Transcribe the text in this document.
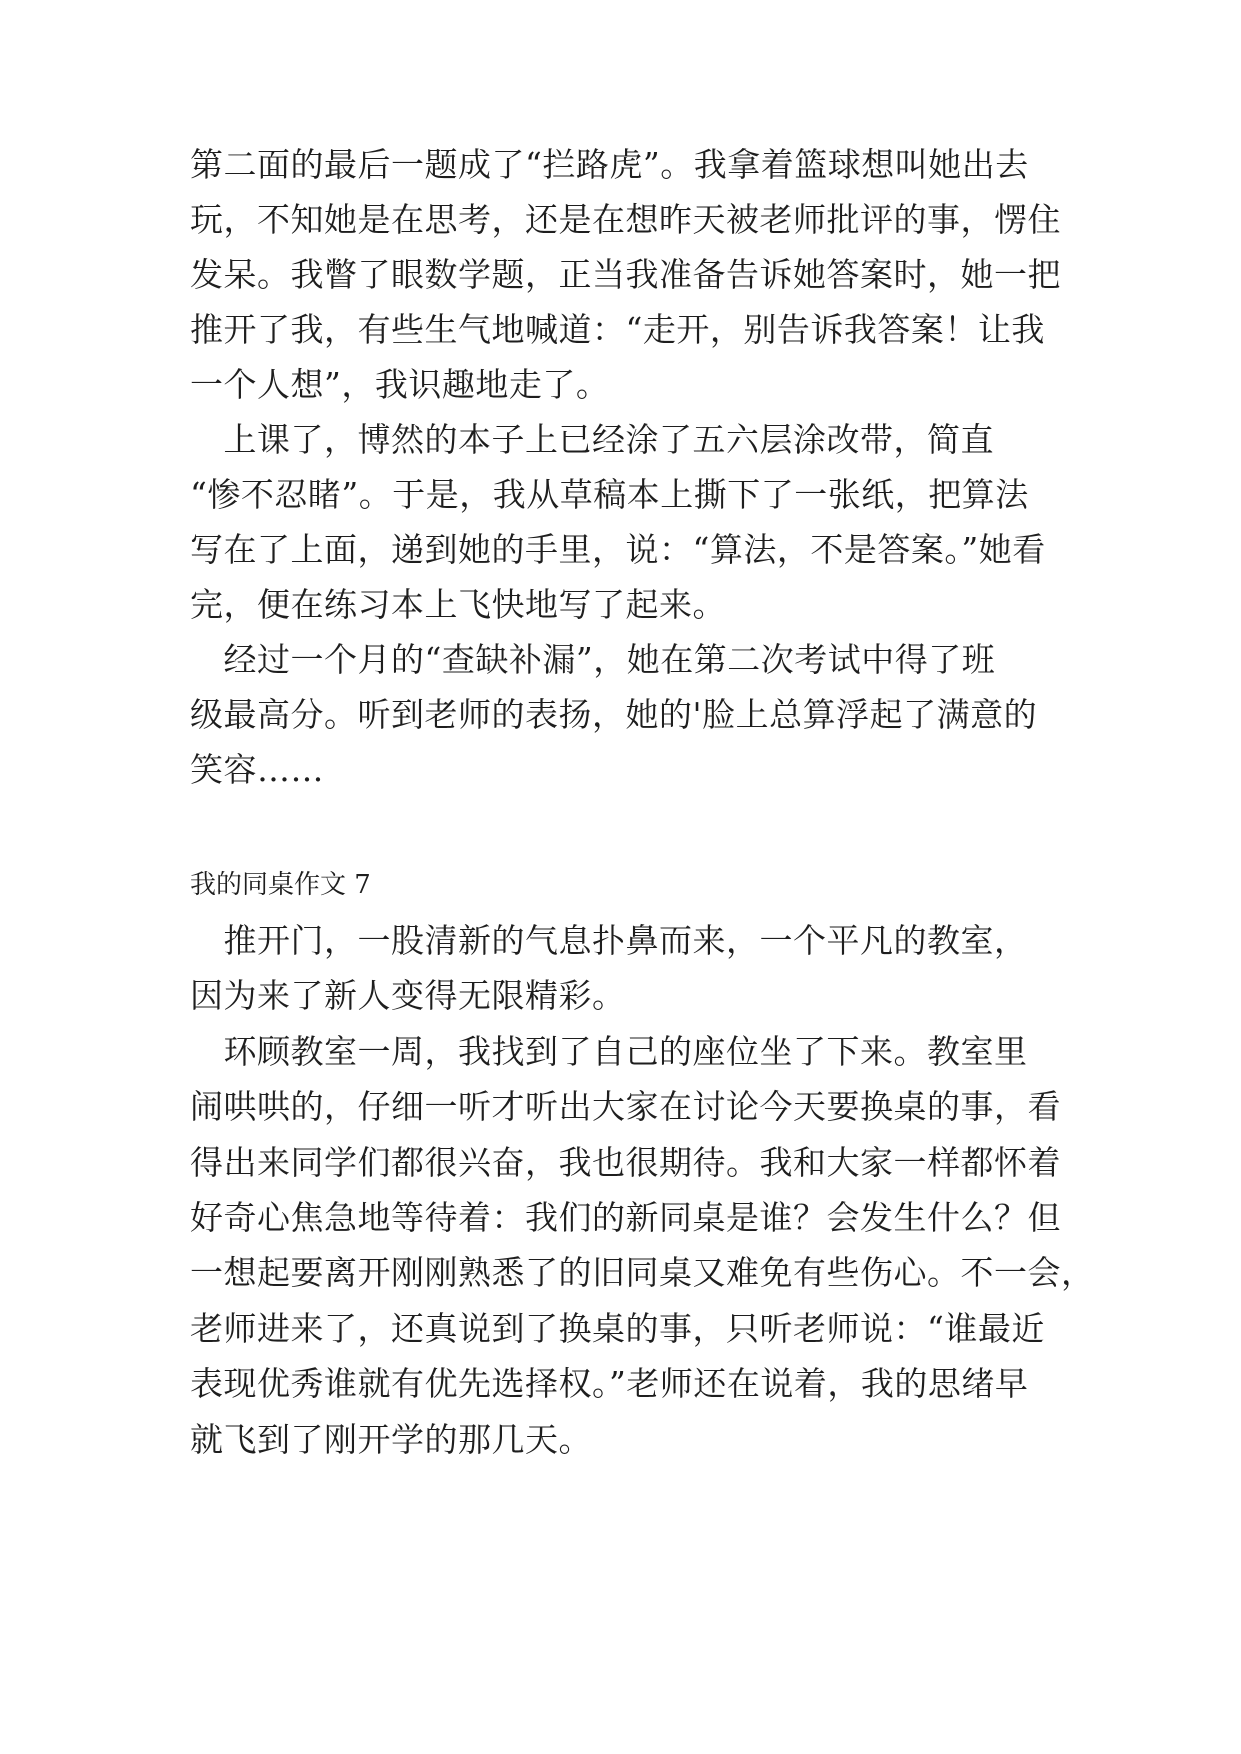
第二面的最后一题成了“拦路虎”。我拿着篮球想叫她出去
玩，不知她是在思考，还是在想昨天被老师批评的事，愣住
发呆。我瞥了眼数学题，正当我准备告诉她答案时，她一把
推开了我，有些生气地喊道：“走开，别告诉我答案！让我
一个人想”，我识趣地走了。
　上课了，博然的本子上已经涂了五六层涂改带，简直
“惨不忍睹”。于是，我从草稿本上撕下了一张纸，把算法
写在了上面，递到她的手里，说：“算法，不是答案。”她看
完，便在练习本上飞快地写了起来。
　经过一个月的“查缺补漏”，她在第二次考试中得了班
级最高分。听到老师的表扬，她的'脸上总算浮起了满意的
笑容……
我的同桌作文 7
　推开门，一股清新的气息扑鼻而来，一个平凡的教室，
因为来了新人变得无限精彩。
　环顾教室一周，我找到了自己的座位坐了下来。教室里
闹哄哄的，仔细一听才听出大家在讨论今天要换桌的事，看
得出来同学们都很兴奋，我也很期待。我和大家一样都怀着
好奇心焦急地等待着：我们的新同桌是谁？会发生什么？但
一想起要离开刚刚熟悉了的旧同桌又难免有些伤心。不一会，
老师进来了，还真说到了换桌的事，只听老师说：“谁最近
表现优秀谁就有优先选择权。”老师还在说着，我的思绪早
就飞到了刚开学的那几天。
